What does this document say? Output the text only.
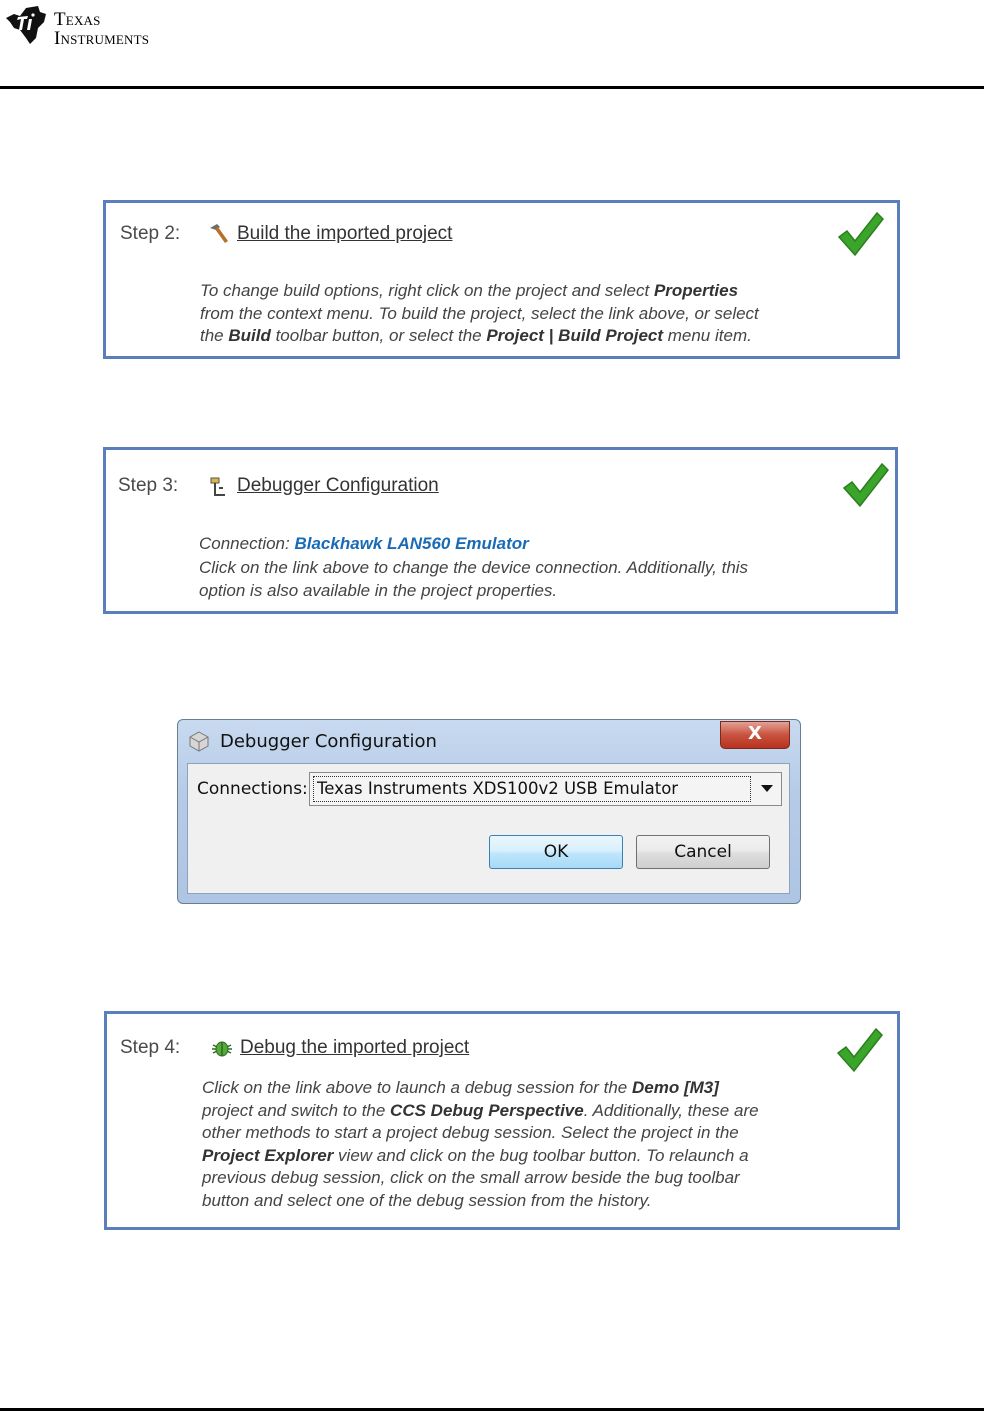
Texas
Instruments
Step 2:	Build the imported project
To change build options, right click on the project and select Properties
from the context menu. To build the project, select the link above, or select
the Build toolbar button, or select the Project | Build Project menu item.
Step 3:	Debugger Configuration
Connection: Blackhawk LAN560 Emulator
Click on the link above to change the device connection. Additionally, this
option is also available in the project properties.
Debugger Configuration	X
Connections: Texas Instruments XDS100v2 USB Emulator
OK	Cancel
Step 4:	Debug the imported project
Click on the link above to launch a debug session for the Demo [M3]
project and switch to the CCS Debug Perspective. Additionally, these are
other methods to start a project debug session. Select the project in the
Project Explorer view and click on the bug toolbar button. To relaunch a
previous debug session, click on the small arrow beside the bug toolbar
button and select one of the debug session from the history.
